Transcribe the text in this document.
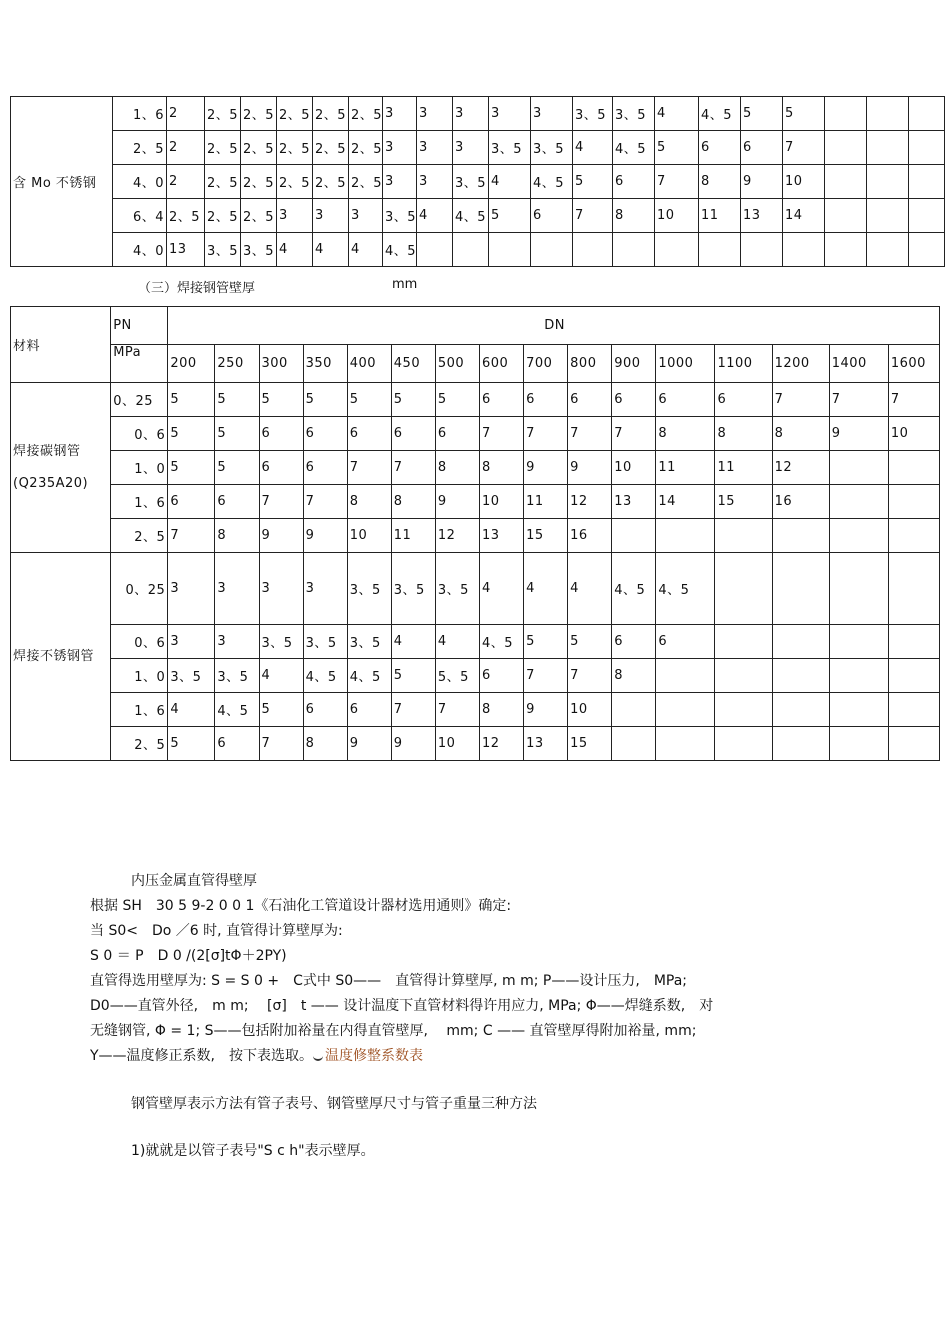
含 Mo 不锈钢	1、6	2	2、5	2、5	2、5	2、5	2、5	3	3	3	3	3	3、5	3、5	4	4、5	5	5			
	2、5	2	2、5	2、5	2、5	2、5	2、5	3	3	3	3、5	3、5	4	4、5	5	6	6	7			
	4、0	2	2、5	2、5	2、5	2、5	2、5	3	3	3、5	4	4、5	5	6	7	8	9	10			
	6、4	2、5	2、5	2、5	3	3	3	3、5	4	4、5	5	6	7	8	10	11	13	14			
	4、0	13	3、5	3、5	4	4	4	4、5													
（三）焊接钢管壁厚	mm
材料	PN	DN															
	MPa	200	250	300	350	400	450	500	600	700	800	900	1000	1100	1200	1400	1600

焊接碳钢管
(Q235A20)	0、25	5	5	5	5	5	5	5	6	6	6	6	6	6	7	7	7
	0、6	5	5	6	6	6	6	6	7	7	7	7	8	8	8	9	10
	1、0	5	5	6	6	7	7	8	8	9	9	10	11	11	12		
	1、6	6	6	7	7	8	8	9	10	11	12	13	14	15	16		
	2、5	7	8	9	9	10	11	12	13	15	16						

焊接不锈钢管	0、25	3	3	3	3	3、5	3、5	3、5	4	4	4	4、5	4、5				
	0、6	3	3	3、5	3、5	3、5	4	4	4、5	5	5	6	6				
	1、0	3、5	3、5	4	4、5	4、5	5	5、5	6	7	7	8					
	1、6	4	4、5	5	6	6	7	7	8	9	10						
	2、5	5	6	7	8	9	9	10	12	13	15						
内压金属直管得壁厚
根据 SH　30 5 9-2 0 0 1《石油化工管道设计器材选用通则》确定:
当 S0<　Do ／6 时, 直管得计算壁厚为:
S 0 ＝ P　D 0 /(2[σ]tΦ＋2PY)
直管得选用壁厚为: S = S 0 +　C式中 S0——　直管得计算壁厚, m m; P——设计压力,　MPa;
D0——直管外径,　m m;　 [σ]　t —— 设计温度下直管材料得许用应力, MPa; Φ——焊缝系数,　对
无缝钢管, Φ = 1; S——包括附加裕量在内得直管壁厚,　 mm; C —— 直管壁厚得附加裕量, mm;
Y——温度修正系数,　按下表选取。 温度修整系数表
钢管壁厚表示方法有管子表号、钢管壁厚尺寸与管子重量三种方法
1)就就是以管子表号"S c h"表示壁厚。
